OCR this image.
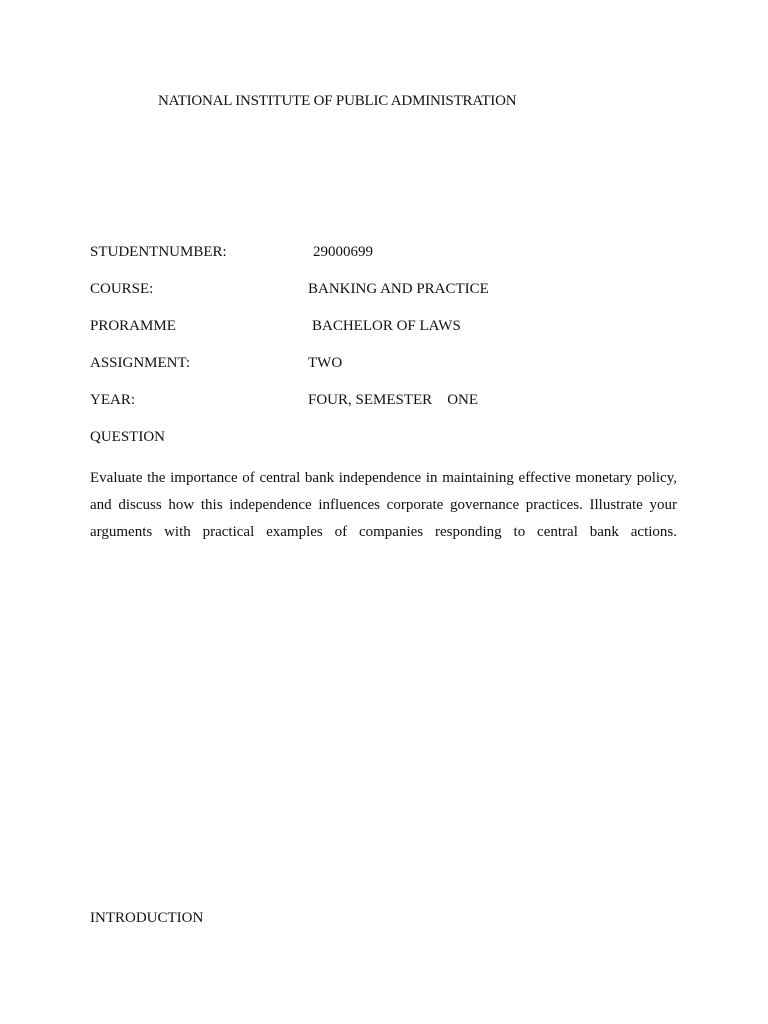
NATIONAL INSTITUTE OF PUBLIC ADMINISTRATION
STUDENTNUMBER:	29000699
COURSE:	BANKING AND PRACTICE
PRORAMME	BACHELOR OF LAWS
ASSIGNMENT:	TWO
YEAR:	FOUR, SEMESTER    ONE
QUESTION
Evaluate the importance of central bank independence in maintaining effective monetary policy, and discuss how this independence influences corporate governance practices. Illustrate your arguments with practical examples of companies responding to central bank actions.
INTRODUCTION
